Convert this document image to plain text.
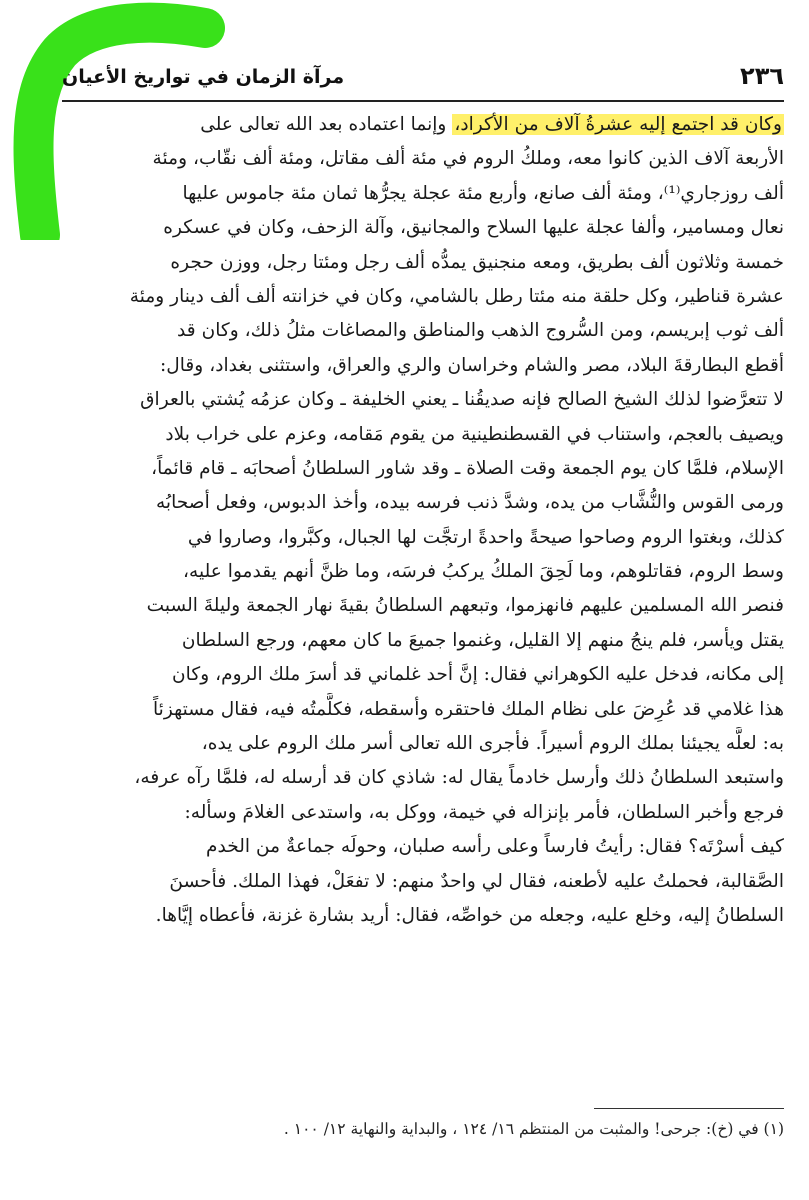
٢٣٦
مرآة الزمان في تواريخ الأعيان
وكان قد اجتمع إليه عشرةُ آلاف من الأكراد، وإنما اعتماده بعد الله تعالى على
الأربعة آلاف الذين كانوا معه، وملكُ الروم في مئة ألف مقاتل، ومئة ألف نقّاب، ومئة
ألف روزجاري⁽¹⁾، ومئة ألف صانع، وأربع مئة عجلة يجرُّها ثمان مئة جاموس عليها
نعال ومسامير، وألفا عجلة عليها السلاح والمجانيق، وآلة الزحف، وكان في عسكره
خمسة وثلاثون ألف بطريق، ومعه منجنيق يمدُّه ألف رجل ومئتا رجل، ووزن حجره
عشرة قناطير، وكل حلقة منه مئتا رطل بالشامي، وكان في خزانته ألف ألف دينار ومئة
ألف ثوب إبريسم، ومن السُّروج الذهب والمناطق والمصاغات مثلُ ذلك، وكان قد
أقطع البطارقةَ البلاد، مصر والشام وخراسان والري والعراق، واستثنى بغداد، وقال:
لا تتعرَّضوا لذلك الشيخ الصالح فإنه صديقُنا ـ يعني الخليفة ـ وكان عزمُه يُشتي بالعراق
ويصيف بالعجم، واستناب في القسطنطينية من يقوم مَقامه، وعزم على خراب بلاد
الإسلام، فلمَّا كان يوم الجمعة وقت الصلاة ـ وقد شاور السلطانُ أصحابَه ـ قام قائماً،
ورمى القوس والنُّشَّاب من يده، وشدَّ ذنب فرسه بيده، وأخذ الدبوس، وفعل أصحابُه
كذلك، وبغتوا الروم وصاحوا صيحةً واحدةً ارتجَّت لها الجبال، وكبَّروا، وصاروا في
وسط الروم، فقاتلوهم، وما لَحِقَ الملكُ يركبُ فرسَه، وما ظنَّ أنهم يقدموا عليه،
فنصر الله المسلمين عليهم فانهزموا، وتبعهم السلطانُ بقيةَ نهار الجمعة وليلةَ السبت
يقتل ويأسر، فلم ينجُ منهم إلا القليل، وغنموا جميعَ ما كان معهم، ورجع السلطان
إلى مكانه، فدخل عليه الكوهراني فقال: إنَّ أحد غلماني قد أسرَ ملك الروم، وكان
هذا غلامي قد عُرِضَ على نظام الملك فاحتقره وأسقطه، فكلَّمتُه فيه، فقال مستهزئاً
به: لعلَّه يجيئنا بملك الروم أسيراً. فأجرى الله تعالى أسر ملك الروم على يده،
واستبعد السلطانُ ذلك وأرسل خادماً يقال له: شاذي كان قد أرسله له، فلمَّا رآه عرفه،
فرجع وأخبر السلطان، فأمر بإنزاله في خيمة، ووكل به، واستدعى الغلامَ وسأله:
كيف أسرْتَه؟ فقال: رأيتُ فارساً وعلى رأسه صلبان، وحولَه جماعةٌ من الخدم
الصَّقالبة، فحملتُ عليه لأطعنه، فقال لي واحدٌ منهم: لا تفعَلْ، فهذا الملك. فأحسنَ
السلطانُ إليه، وخلع عليه، وجعله من خواصِّه، فقال: أريد بشارة غزنة، فأعطاه إيَّاها.
(١) في (خ): جرحى! والمثبت من المنتظم ١٦/ ١٢٤ ، والبداية والنهاية ١٢/ ١٠٠ .
